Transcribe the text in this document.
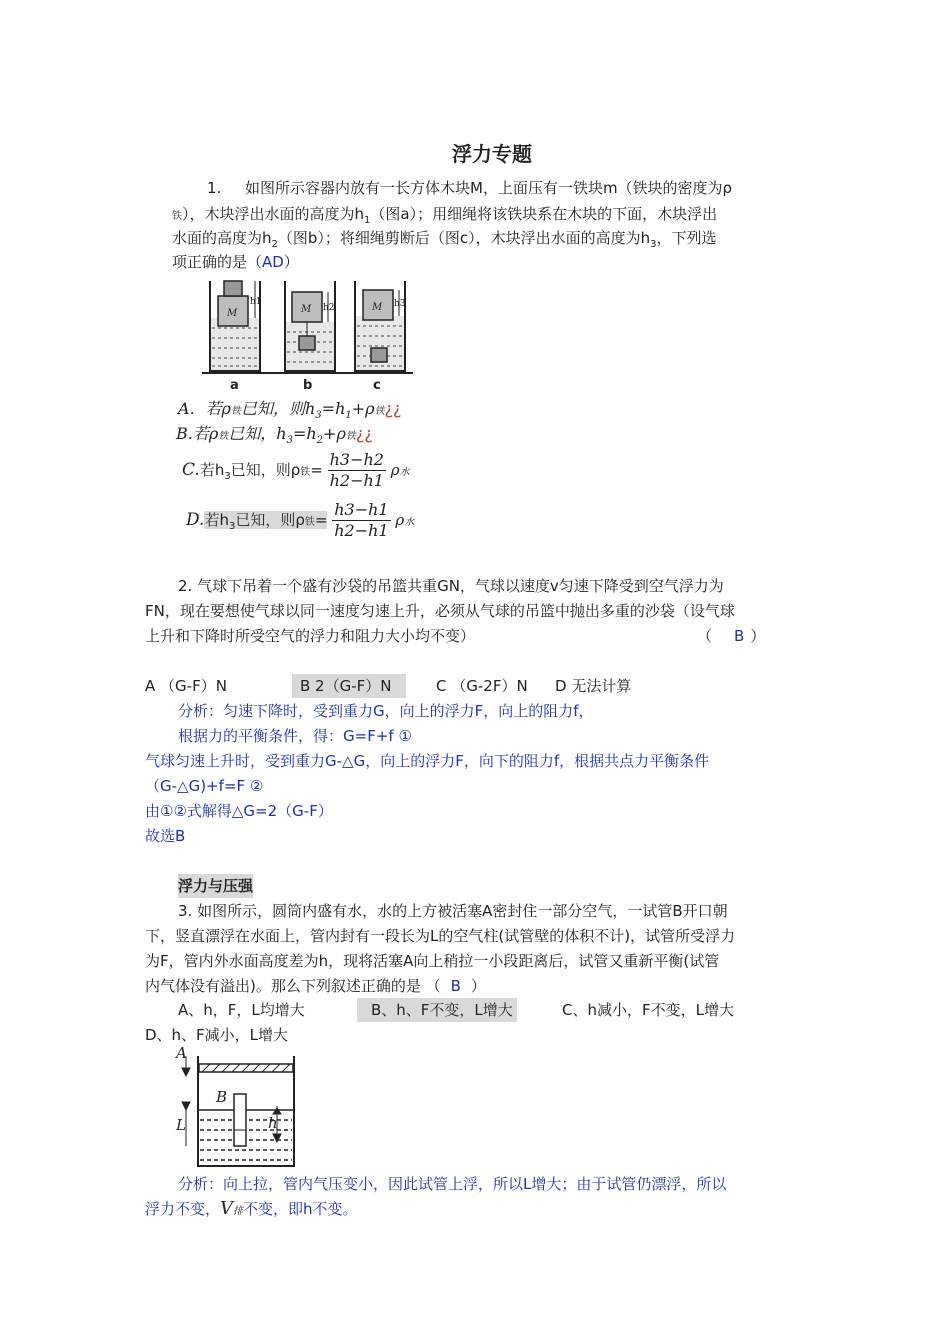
浮力专题
1. 如图所示容器内放有一长方体木块M，上面压有一铁块m（铁块的密度为ρ
铁），木块浮出水面的高度为$h_1$（图a）；用细绳将该铁块系在木块的下面，木块浮出
水面的高度为$h_2$（图b）；将细绳剪断后（图c），木块浮出水面的高度为$h_3$，下列选
项正确的是（AD）
M	M	M
h1
h2	h3
a	b	c
A．若ρ铁已知，则$h_3=h_1+\rho$铁¿¿
B.若ρ铁已知，$h_3=h_2+\rho$铁¿¿
C.若$h_3$已知，则ρ铁= $\frac{h3-h2}{h2-h1}$ ρ水
D.若$h_3$已知，则ρ铁= $\frac{h3-h1}{h2-h1}$ ρ水
2. 气球下吊着一个盛有沙袋的吊篮共重GN，气球以速度v匀速下降受到空气浮力为
FN，现在要想使气球以同一速度匀速上升，必须从气球的吊篮中抛出多重的沙袋（设气球
上升和下降时所受空气的浮力和阻力大小均不变）	（ B ）
A （G-F）N	B 2（G-F）N	C （G-2F）N D 无法计算
分析：匀速下降时，受到重力G，向上的浮力F，向上的阻力f，
根据力的平衡条件，得：G=F+f ①
气球匀速上升时，受到重力G-△G，向上的浮力F，向下的阻力f，根据共点力平衡条件
（G-△G)+f=F ②
由①②式解得△G=2（G-F）
故选B
浮力与压强
3. 如图所示，圆筒内盛有水，水的上方被活塞A密封住一部分空气，一试管B开口朝
下，竖直漂浮在水面上，管内封有一段长为L的空气柱(试管壁的体积不计)，试管所受浮力
为F，管内外水面高度差为h，现将活塞A向上稍拉一小段距离后，试管又重新平衡(试管
内气体没有溢出)。那么下列叙述正确的是 （ B ）
A、h，F，L均增大	B、h、F不变，L增大	C、h减小，F不变，L增大
D、h、F减小，L增大
A
B
L	h
分析：向上拉，管内气压变小，因此试管上浮，所以L增大；由于试管仍漂浮，所以
浮力不变，V排不变，即h不变。
